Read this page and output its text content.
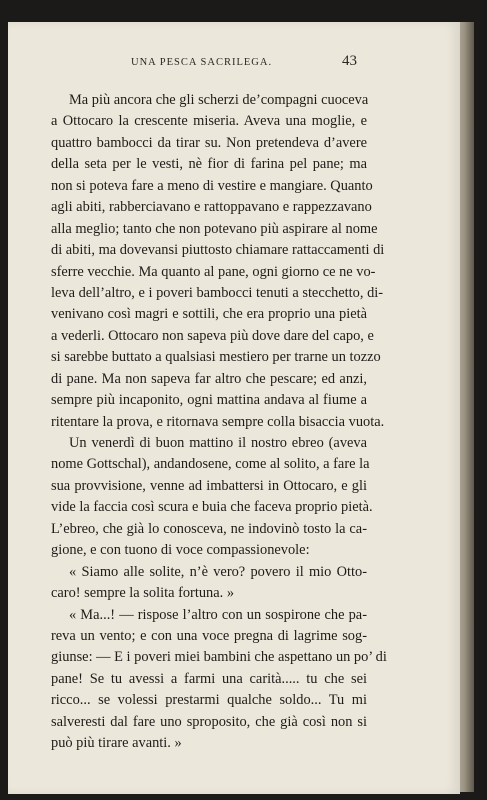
UNA PESCA SACRILEGA.	43
Ma più ancora che gli scherzi de’compagni cuoceva
a Ottocaro la crescente miseria. Aveva una moglie, e
quattro bambocci da tirar su. Non pretendeva d’avere
della seta per le vesti, nè fior di farina pel pane; ma
non si poteva fare a meno di vestire e mangiare. Quanto
agli abiti, rabberciavano e rattoppavano e rappezzavano
alla meglio; tanto che non potevano più aspirare al nome
di abiti, ma dovevansi piuttosto chiamare rattaccamenti di
sferre vecchie. Ma quanto al pane, ogni giorno ce ne vo-
leva dell’altro, e i poveri bambocci tenuti a stecchetto, di-
venivano così magri e sottili, che era proprio una pietà
a vederli. Ottocaro non sapeva più dove dare del capo, e
si sarebbe buttato a qualsiasi mestiero per trarne un tozzo
di pane. Ma non sapeva far altro che pescare; ed anzi,
sempre più incaponito, ogni mattina andava al fiume a
ritentare la prova, e ritornava sempre colla bisaccia vuota.
Un venerdì di buon mattino il nostro ebreo (aveva
nome Gottschal), andandosene, come al solito, a fare la
sua provvisione, venne ad imbattersi in Ottocaro, e gli
vide la faccia così scura e buia che faceva proprio pietà.
L’ebreo, che già lo conosceva, ne indovinò tosto la ca-
gione, e con tuono di voce compassionevole:
« Siamo alle solite, n’è vero? povero il mio Otto-
caro! sempre la solita fortuna. »
« Ma...! — rispose l’altro con un sospirone che pa-
reva un vento; e con una voce pregna di lagrime sog-
giunse: — E i poveri miei bambini che aspettano un po’ di
pane! Se tu avessi a farmi una carità..... tu che sei
ricco... se volessi prestarmi qualche soldo... Tu mi
salveresti dal fare uno sproposito, che già così non si
può più tirare avanti. »
